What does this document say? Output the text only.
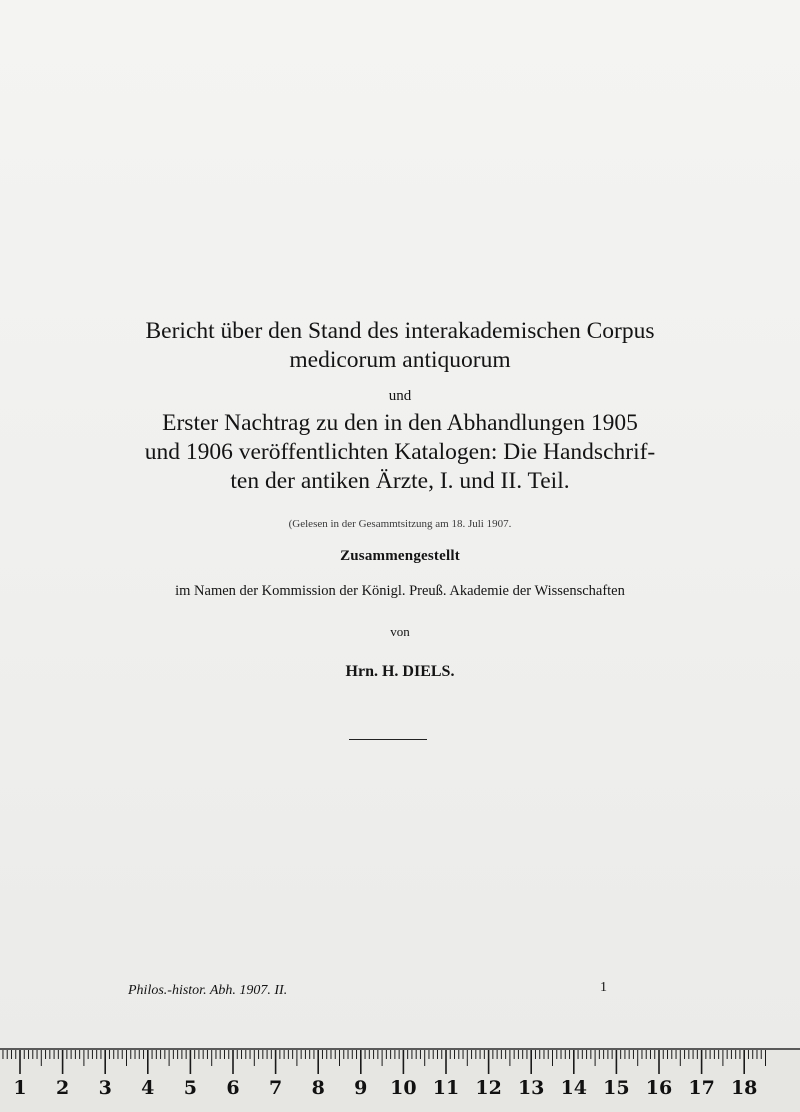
Bericht über den Stand des interakademischen Corpus
medicorum antiquorum
und
Erster Nachtrag zu den in den Abhandlungen 1905
und 1906 veröffentlichten Katalogen: Die Handschrif-
ten der antiken Ärzte, I. und II. Teil.
(Gelesen in der Gesammtsitzung am 18. Juli 1907.
Zusammengestellt
im Namen der Kommission der Königl. Preuß. Akademie der Wissenschaften
von
Hrn. H. DIELS.
Philos.-histor. Abh. 1907. II.	1
1 2 3 4 5 6 7 8 9 10 11 12 13 14 15 16 17 18
